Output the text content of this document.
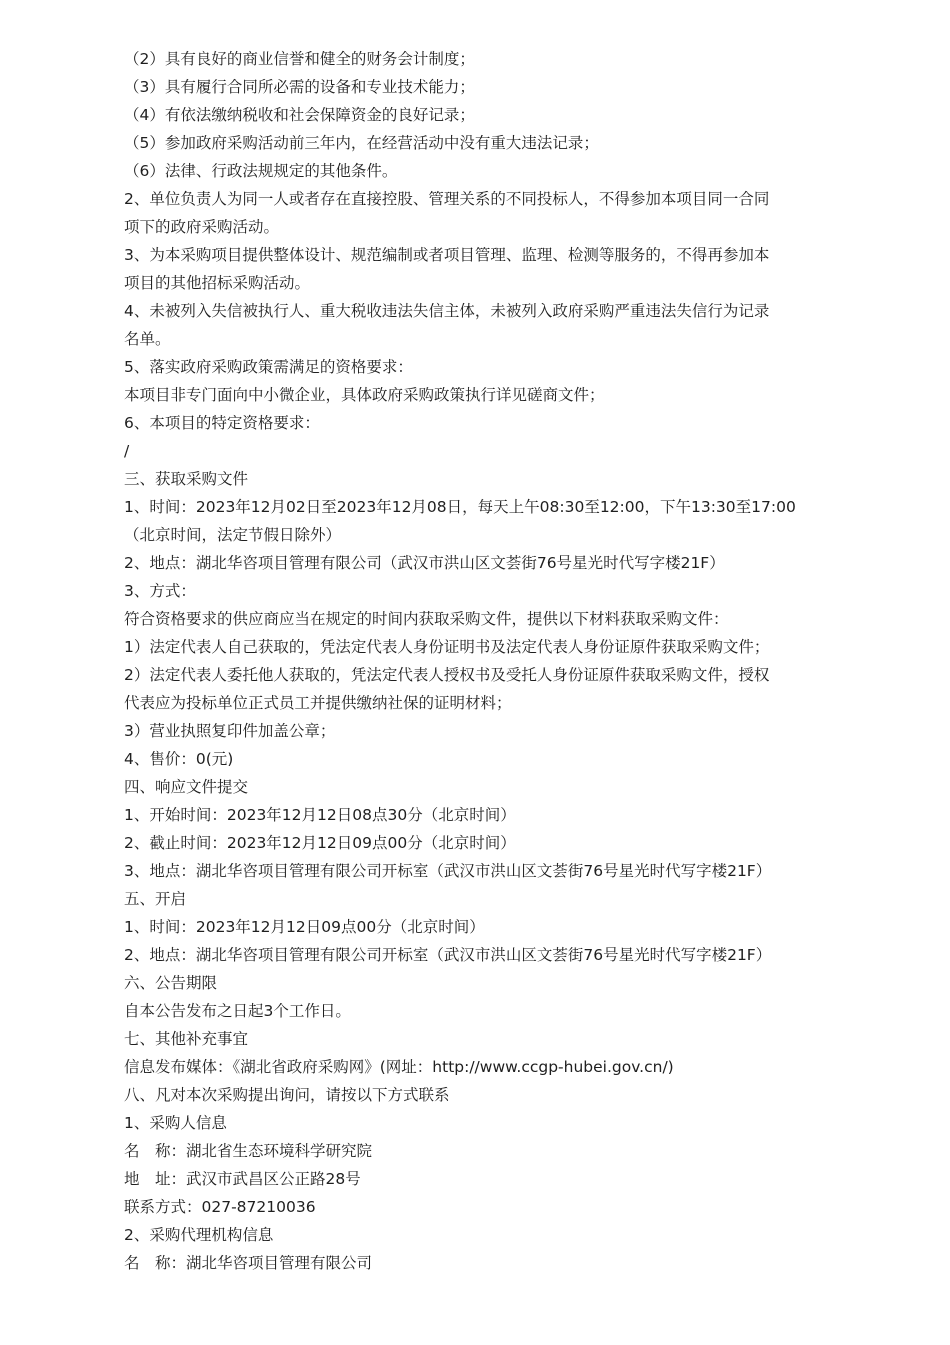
（2）具有良好的商业信誉和健全的财务会计制度；
（3）具有履行合同所必需的设备和专业技术能力；
（4）有依法缴纳税收和社会保障资金的良好记录；
（5）参加政府采购活动前三年内，在经营活动中没有重大违法记录；
（6）法律、行政法规规定的其他条件。
2、单位负责人为同一人或者存在直接控股、管理关系的不同投标人，不得参加本项目同一合同
项下的政府采购活动。
3、为本采购项目提供整体设计、规范编制或者项目管理、监理、检测等服务的，不得再参加本
项目的其他招标采购活动。
4、未被列入失信被执行人、重大税收违法失信主体，未被列入政府采购严重违法失信行为记录
名单。
5、落实政府采购政策需满足的资格要求：
本项目非专门面向中小微企业，具体政府采购政策执行详见磋商文件；
6、本项目的特定资格要求：
/
三、获取采购文件
1、时间：2023年12月02日至2023年12月08日，每天上午08:30至12:00，下午13:30至17:00
（北京时间，法定节假日除外）
2、地点：湖北华咨项目管理有限公司（武汉市洪山区文荟街76号星光时代写字楼21F）
3、方式：
符合资格要求的供应商应当在规定的时间内获取采购文件，提供以下材料获取采购文件：
1）法定代表人自己获取的，凭法定代表人身份证明书及法定代表人身份证原件获取采购文件；
2）法定代表人委托他人获取的，凭法定代表人授权书及受托人身份证原件获取采购文件，授权
代表应为投标单位正式员工并提供缴纳社保的证明材料；
3）营业执照复印件加盖公章；
4、售价：0(元)
四、响应文件提交
1、开始时间：2023年12月12日08点30分（北京时间）
2、截止时间：2023年12月12日09点00分（北京时间）
3、地点：湖北华咨项目管理有限公司开标室（武汉市洪山区文荟街76号星光时代写字楼21F）
五、开启
1、时间：2023年12月12日09点00分（北京时间）
2、地点：湖北华咨项目管理有限公司开标室（武汉市洪山区文荟街76号星光时代写字楼21F）
六、公告期限
自本公告发布之日起3个工作日。
七、其他补充事宜
信息发布媒体：《湖北省政府采购网》(网址：http://www.ccgp-hubei.gov.cn/)
八、凡对本次采购提出询问，请按以下方式联系
1、采购人信息
名　称：湖北省生态环境科学研究院
地　址：武汉市武昌区公正路28号
联系方式：027-87210036
2、采购代理机构信息
名　称：湖北华咨项目管理有限公司
